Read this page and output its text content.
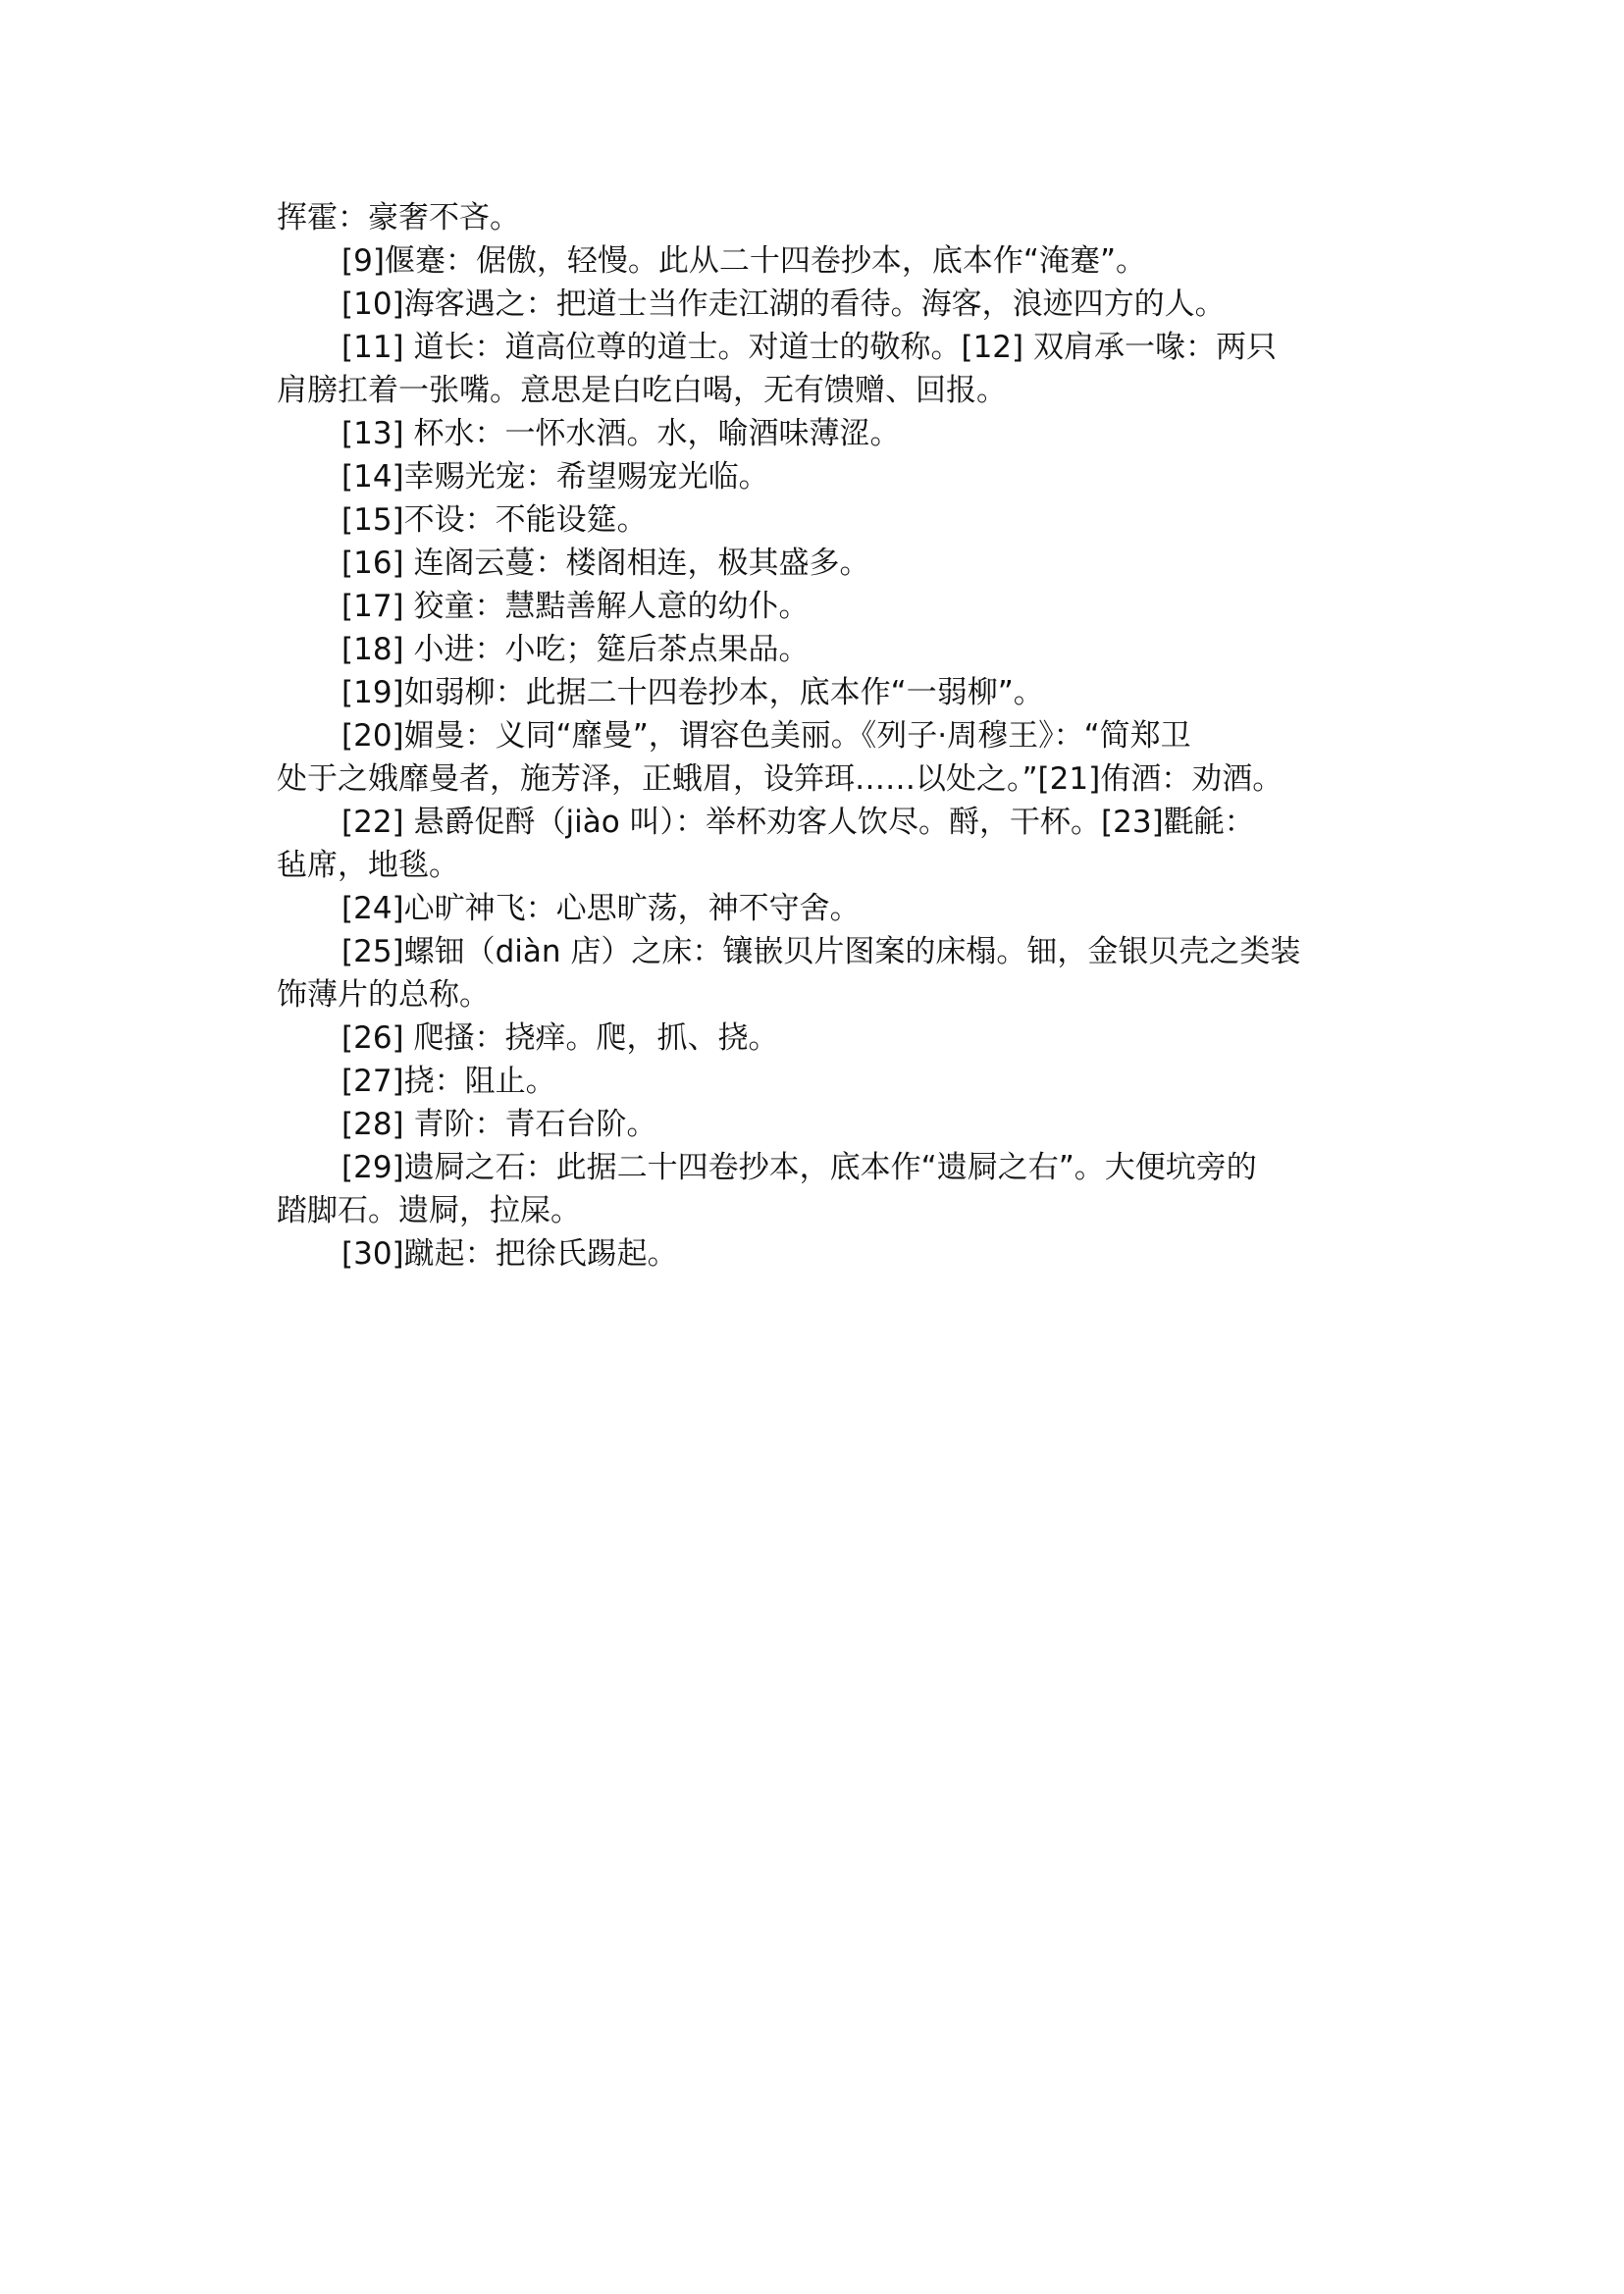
挥霍：豪奢不吝。
[9]偃蹇：倨傲，轻慢。此从二十四卷抄本，底本作“淹蹇”。
[10]海客遇之：把道士当作走江湖的看待。海客，浪迹四方的人。
[11] 道长：道高位尊的道士。对道士的敬称。[12] 双肩承一喙：两只
肩膀扛着一张嘴。意思是白吃白喝，无有馈赠、回报。
[13] 杯水：一怀水酒。水，喻酒味薄涩。
[14]幸赐光宠：希望赐宠光临。
[15]不设：不能设筵。
[16] 连阁云蔓：楼阁相连，极其盛多。
[17] 狡童：慧黠善解人意的幼仆。
[18] 小进：小吃；筵后茶点果品。
[19]如弱柳：此据二十四卷抄本，底本作“一弱柳”。
[20]媚曼：义同“靡曼”，谓容色美丽。《列子·周穆王》：“简郑卫
处于之娥靡曼者，施芳泽，正蛾眉，设笄珥……以处之。”[21]侑酒：劝酒。
[22] 悬爵促酹（jiào 叫）：举杯劝客人饮尽。酹，干杯。[23]氍毹：
毡席，地毯。
[24]心旷神飞：心思旷荡，神不守舍。
[25]螺钿（diàn 店）之床：镶嵌贝片图案的床榻。钿，金银贝壳之类装
饰薄片的总称。
[26] 爬搔：挠痒。爬，抓、挠。
[27]挠：阻止。
[28] 青阶：青石台阶。
[29]遗屙之石：此据二十四卷抄本，底本作“遗屙之右”。大便坑旁的
踏脚石。遗屙，拉屎。
[30]蹴起：把徐氏踢起。
